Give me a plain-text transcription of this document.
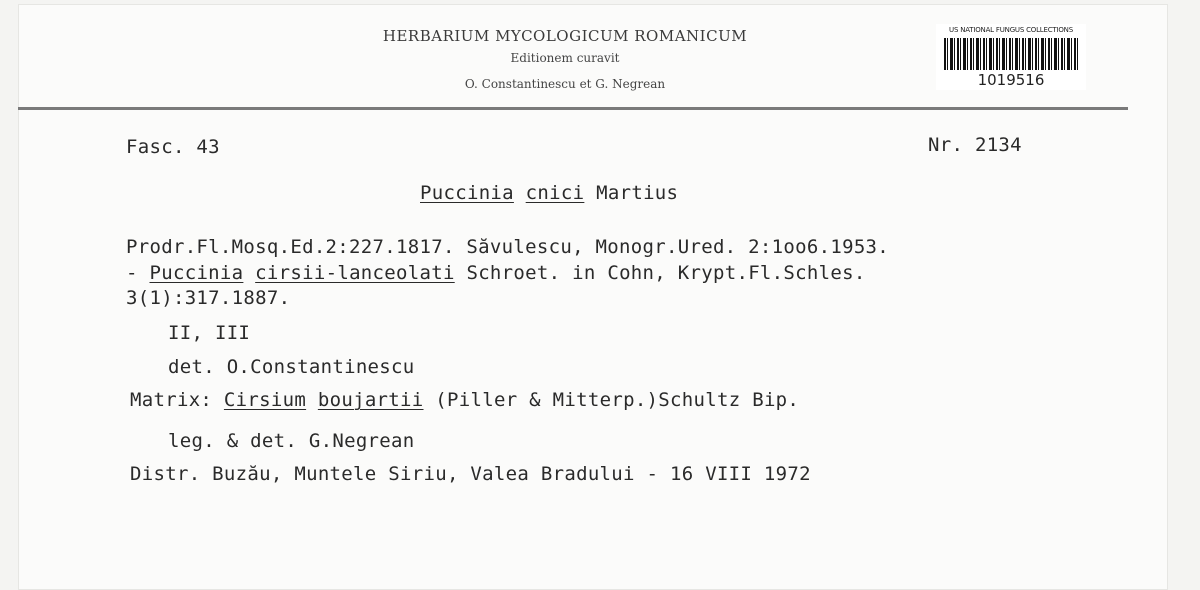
HERBARIUM MYCOLOGICUM ROMANICUM
Editionem curavit
O. Constantinescu et G. Negrean
US NATIONAL FUNGUS COLLECTIONS
1019516
Fasc. 43	Nr. 2134
Puccinia cnici Martius
Prodr.Fl.Mosq.Ed.2:227.1817. Săvulescu, Monogr.Ured. 2:1oo6.1953.
- Puccinia cirsii-lanceolati Schroet. in Cohn, Krypt.Fl.Schles.
3(1):317.1887.
II, III
det. O.Constantinescu
Matrix: Cirsium boujartii (Piller & Mitterp.)Schultz Bip.
leg. & det. G.Negrean
Distr. Buzău, Muntele Siriu, Valea Bradului - 16 VIII 1972
